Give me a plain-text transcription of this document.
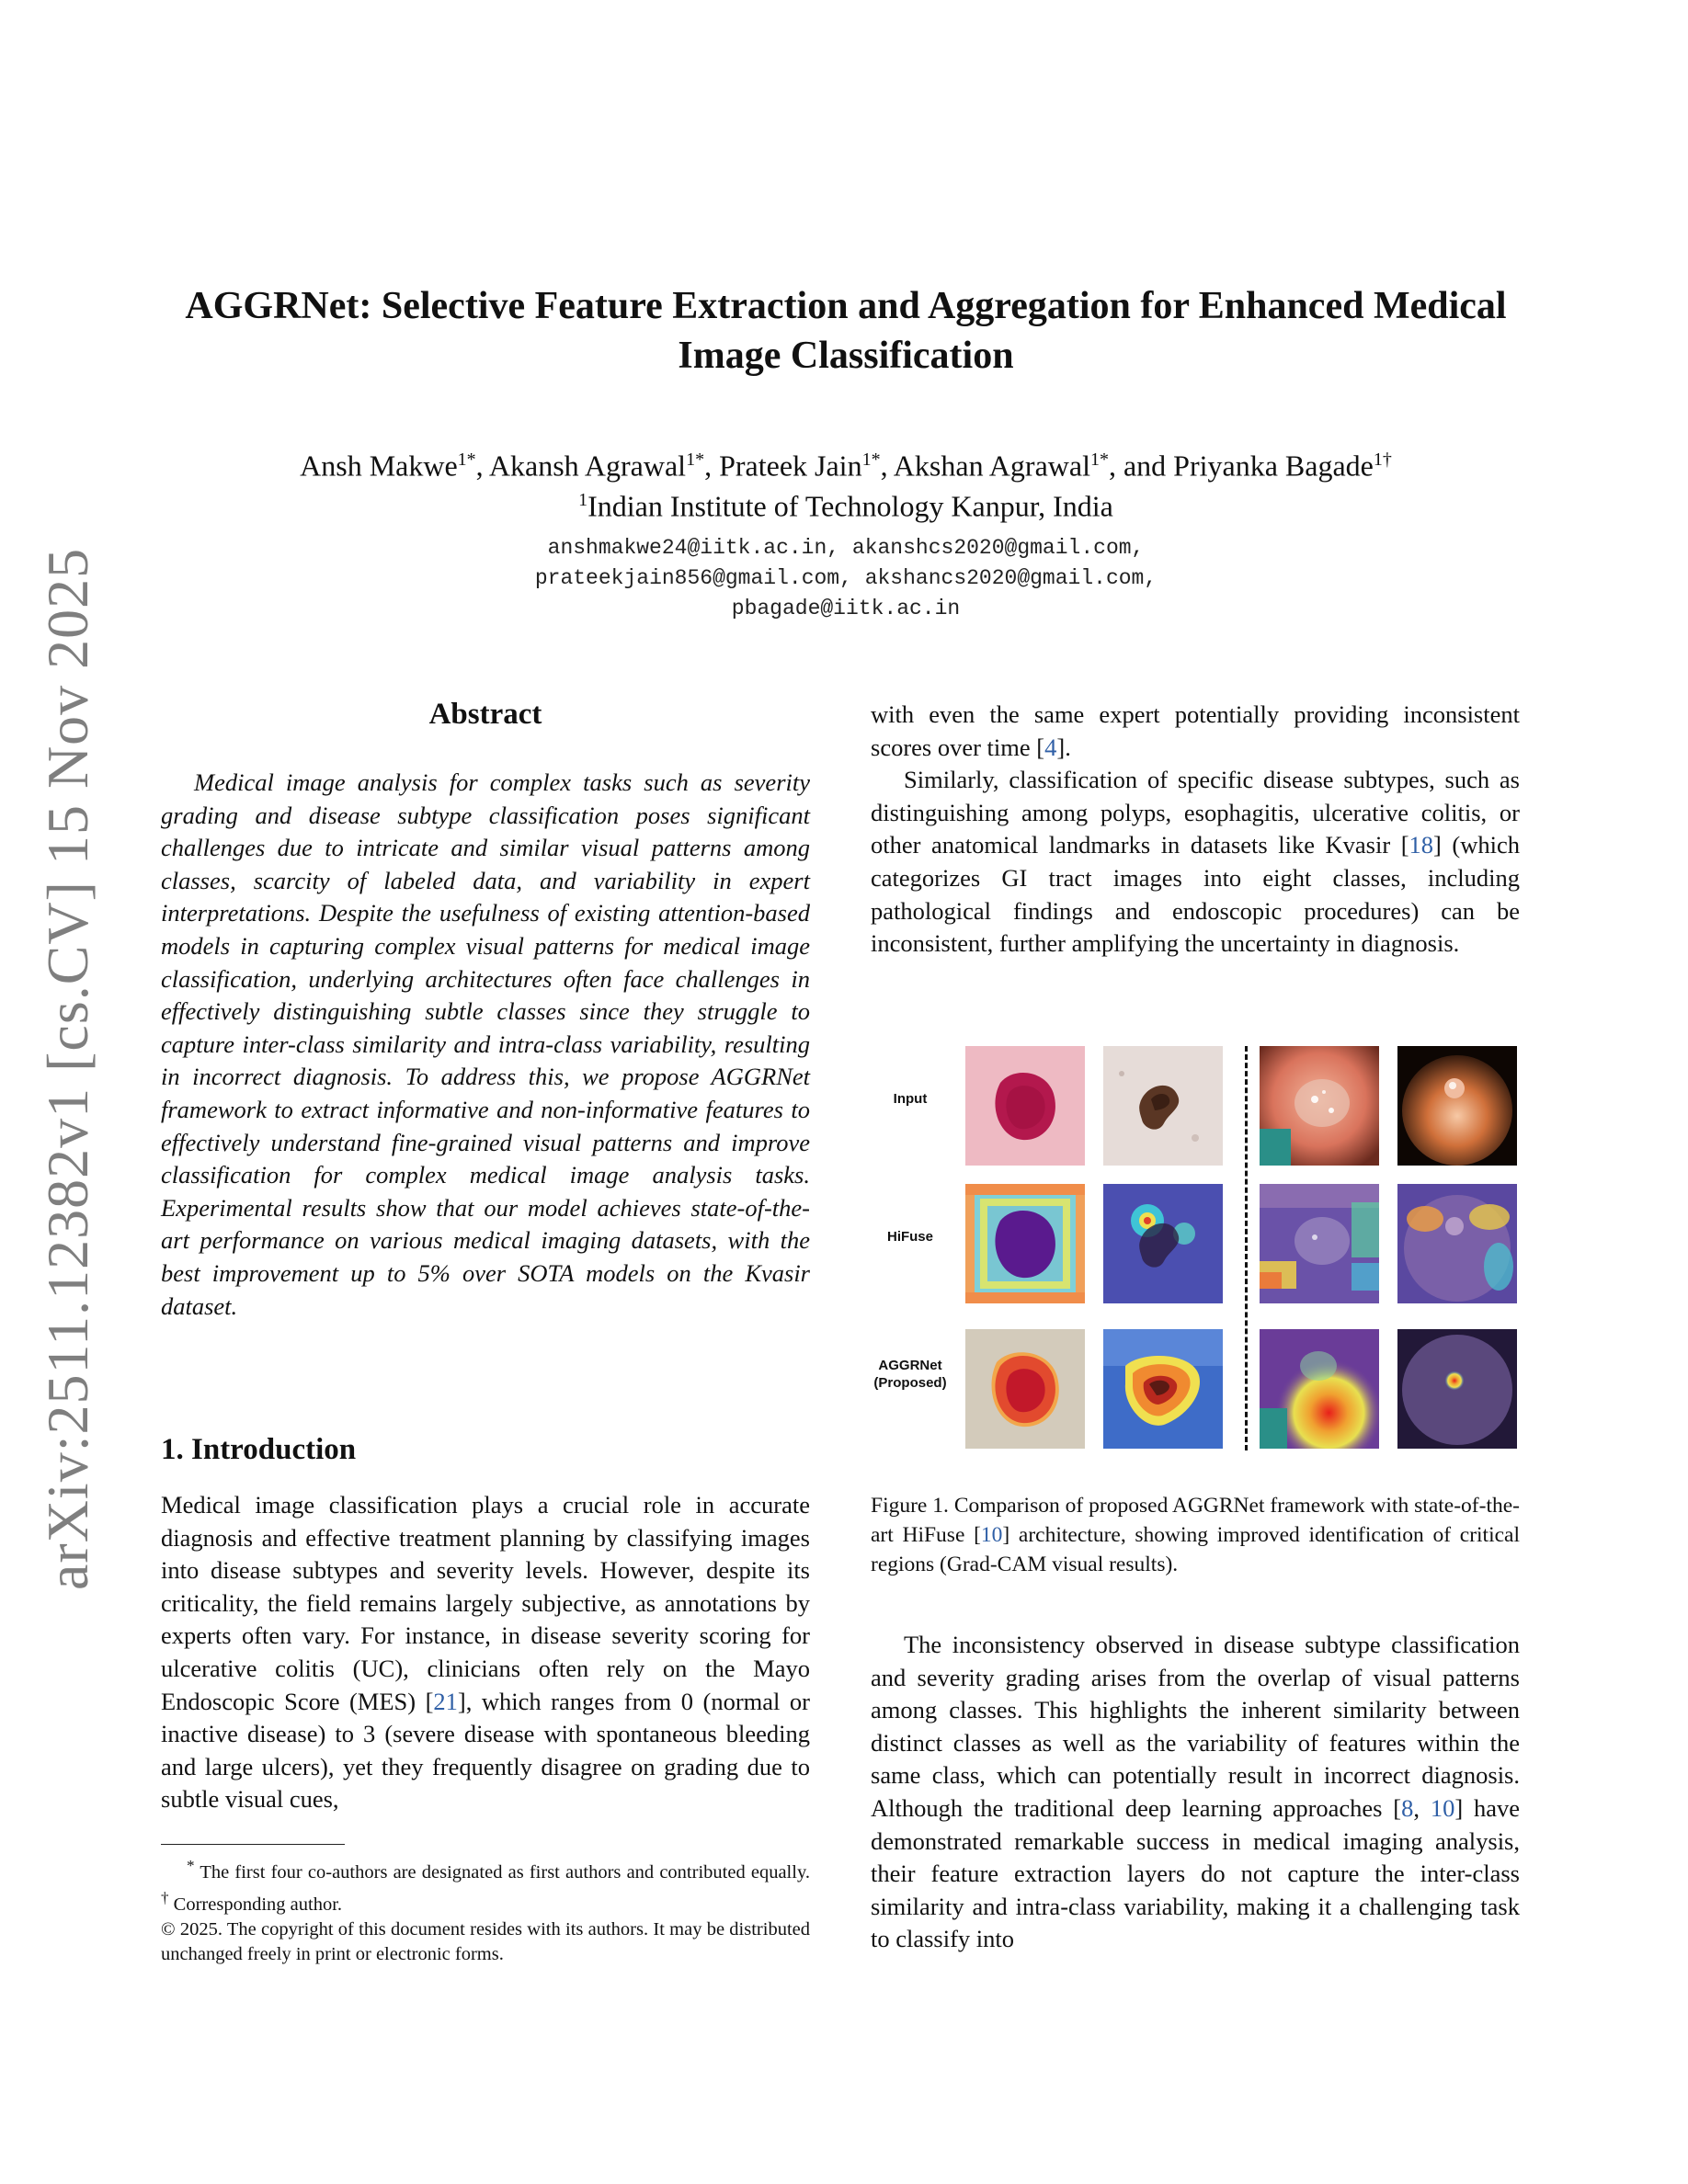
arXiv:2511.12382v1 [cs.CV] 15 Nov 2025
AGGRNet: Selective Feature Extraction and Aggregation for Enhanced Medical Image Classification
Ansh Makwe$^{1*}$, Akansh Agrawal$^{1*}$, Prateek Jain$^{1*}$, Akshan Agrawal$^{1*}$, and Priyanka Bagade$^{1\dagger}$
$^1$Indian Institute of Technology Kanpur, India
anshmakwe24@iitk.ac.in, akanshcs2020@gmail.com,
prateekjain856@gmail.com, akshancs2020@gmail.com,
pbagade@iitk.ac.in
Abstract

Medical image analysis for complex tasks such as severity grading and disease subtype classification poses significant challenges due to intricate and similar visual patterns among classes, scarcity of labeled data, and variability in expert interpretations. Despite the usefulness of existing attention-based models in capturing complex visual patterns for medical image classification, underlying architectures often face challenges in effectively distinguishing subtle classes since they struggle to capture inter-class similarity and intra-class variability, resulting in incorrect diagnosis. To address this, we propose AGGRNet framework to extract informative and non-informative features to effectively understand fine-grained visual patterns and improve classification for complex medical image analysis tasks. Experimental results show that our model achieves state-of-the-art performance on various medical imaging datasets, with the best improvement up to 5% over SOTA models on the Kvasir dataset.

1. Introduction

Medical image classification plays a crucial role in accurate diagnosis and effective treatment planning by classifying images into disease subtypes and severity levels. However, despite its criticality, the field remains largely subjective, as annotations by experts often vary. For instance, in disease severity scoring for ulcerative colitis (UC), clinicians often rely on the Mayo Endoscopic Score (MES) [21], which ranges from 0 (normal or inactive disease) to 3 (severe disease with spontaneous bleeding and large ulcers), yet they frequently disagree on grading due to subtle visual cues,

* The first four co-authors are designated as first authors and contributed equally. † Corresponding author.

© 2025. The copyright of this document resides with its authors. It may be distributed unchanged freely in print or electronic forms.

with even the same expert potentially providing inconsistent scores over time [4].

Similarly, classification of specific disease subtypes, such as distinguishing among polyps, esophagitis, ulcerative colitis, or other anatomical landmarks in datasets like Kvasir [18] (which categorizes GI tract images into eight classes, including pathological findings and endoscopic procedures) can be inconsistent, further amplifying the uncertainty in diagnosis.

Input
HiFuse
AGGRNet
(Proposed)

Figure 1. Comparison of proposed AGGRNet framework with state-of-the-art HiFuse [10] architecture, showing improved identification of critical regions (Grad-CAM visual results).

The inconsistency observed in disease subtype classification and severity grading arises from the overlap of visual patterns among classes. This highlights the inherent similarity between distinct classes as well as the variability of features within the same class, which can potentially result in incorrect diagnosis. Although the traditional deep learning approaches [8, 10] have demonstrated remarkable success in medical imaging analysis, their feature extraction layers do not capture the inter-class similarity and intra-class variability, making it a challenging task to classify into
